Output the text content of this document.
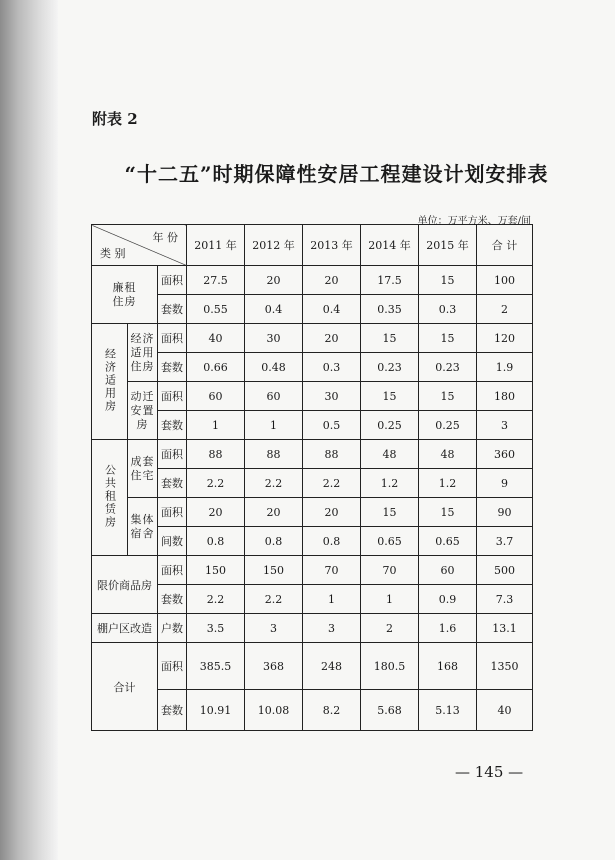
附表 2
“十二五”时期保障性安居工程建设计划安排表
单位：万平方米、万套/间
年 份
类 别			2011 年	2012 年	2013 年	2014 年	2015 年	合 计
廉租住房		面积	27.5	20	20	17.5	15	100
		套数	0.55	0.4	0.4	0.35	0.3	2
经济适用房	经济适用住房	面积	40	30	20	15	15	120
		套数	0.66	0.48	0.3	0.23	0.23	1.9
	动迁安置房	面积	60	60	30	15	15	180
		套数	1	1	0.5	0.25	0.25	3
公共租赁房	成套住宅	面积	88	88	88	48	48	360
		套数	2.2	2.2	2.2	1.2	1.2	9
	集体宿舍	面积	20	20	20	15	15	90
		间数	0.8	0.8	0.8	0.65	0.65	3.7
限价商品房		面积	150	150	70	70	60	500
		套数	2.2	2.2	1	1	0.9	7.3
棚户区改造		户数	3.5	3	3	2	1.6	13.1
合计		面积	385.5	368	248	180.5	168	1350
		套数	10.91	10.08	8.2	5.68	5.13	40
— 145 —
